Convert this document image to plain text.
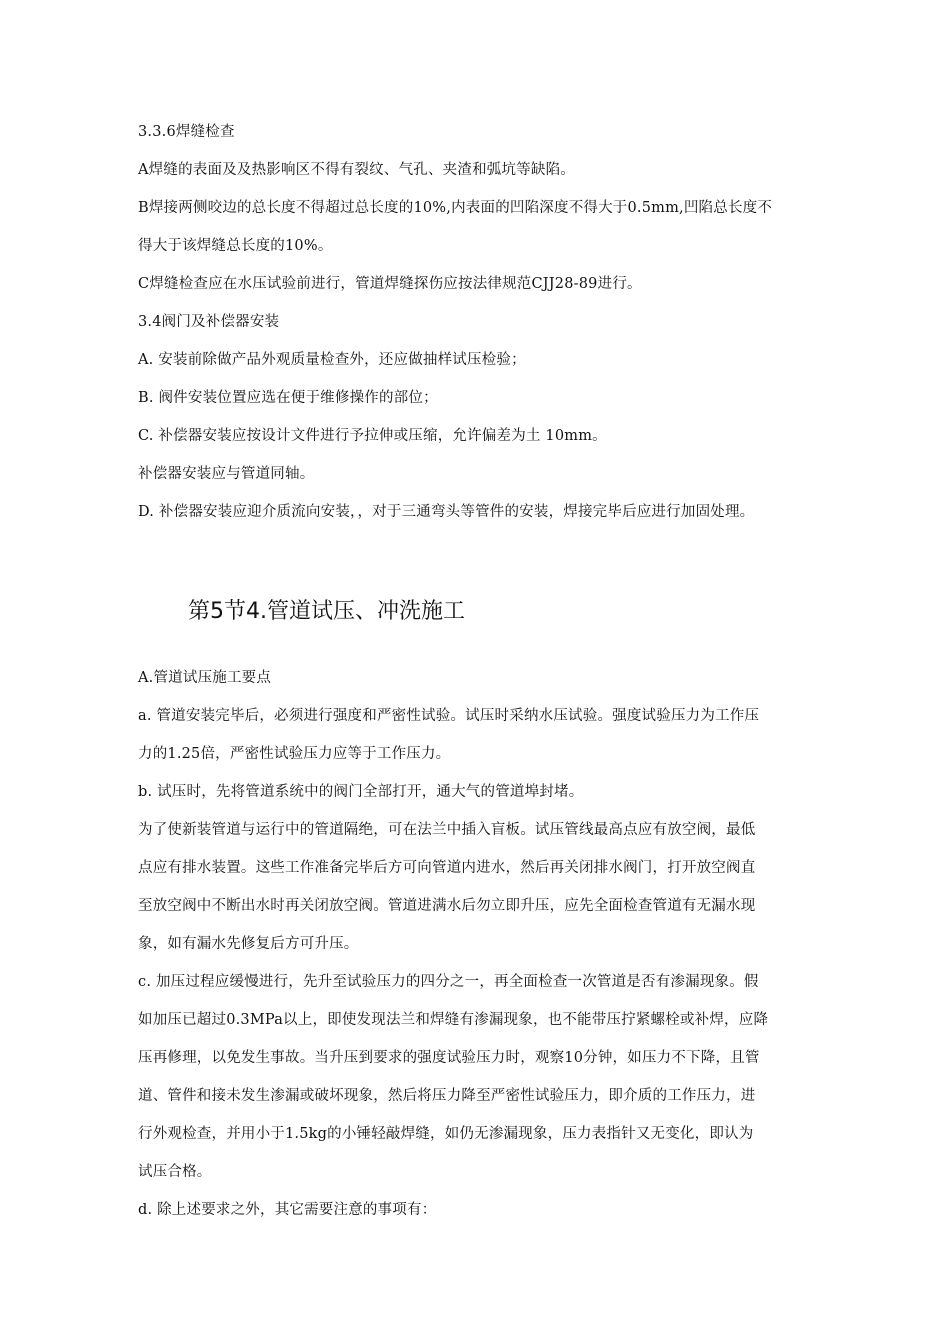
3.3.6焊缝检查
A焊缝的表面及及热影响区不得有裂纹、气孔、夹渣和弧坑等缺陷。
B焊接两侧咬边的总长度不得超过总长度的10%,内表面的凹陷深度不得大于0.5mm,凹陷总长度不
得大于该焊缝总长度的10%。
C焊缝检查应在水压试验前进行，管道焊缝探伤应按法律规范CJJ28-89进行。
3.4阀门及补偿器安装
A. 安装前除做产品外观质量检查外，还应做抽样试压检验；
B. 阀件安装位置应选在便于维修操作的部位；
C. 补偿器安装应按设计文件进行予拉伸或压缩，允许偏差为土 10mm。
补偿器安装应与管道同轴。
D. 补偿器安装应迎介质流向安装，，对于三通弯头等管件的安装，焊接完毕后应进行加固处理。
第5节4.管道试压、冲洗施工
A.管道试压施工要点
a. 管道安装完毕后，必须进行强度和严密性试验。试压时采纳水压试验。强度试验压力为工作压
力的1.25倍，严密性试验压力应等于工作压力。
b. 试压时，先将管道系统中的阀门全部打开，通大气的管道埠封堵。
为了使新装管道与运行中的管道隔绝，可在法兰中插入盲板。试压管线最高点应有放空阀，最低
点应有排水装置。这些工作准备完毕后方可向管道内进水，然后再关闭排水阀门，打开放空阀直
至放空阀中不断出水时再关闭放空阀。管道进满水后勿立即升压，应先全面检查管道有无漏水现
象，如有漏水先修复后方可升压。
c. 加压过程应缓慢进行，先升至试验压力的四分之一，再全面检查一次管道是否有渗漏现象。假
如加压已超过0.3MPa以上，即使发现法兰和焊缝有渗漏现象，也不能带压拧紧螺栓或补焊，应降
压再修理，以免发生事故。当升压到要求的强度试验压力时，观察10分钟，如压力不下降，且管
道、管件和接未发生渗漏或破坏现象，然后将压力降至严密性试验压力，即介质的工作压力，进
行外观检查，并用小于1.5kg的小锤轻敲焊缝，如仍无渗漏现象，压力表指针又无变化，即认为
试压合格。
d. 除上述要求之外，其它需要注意的事项有：
